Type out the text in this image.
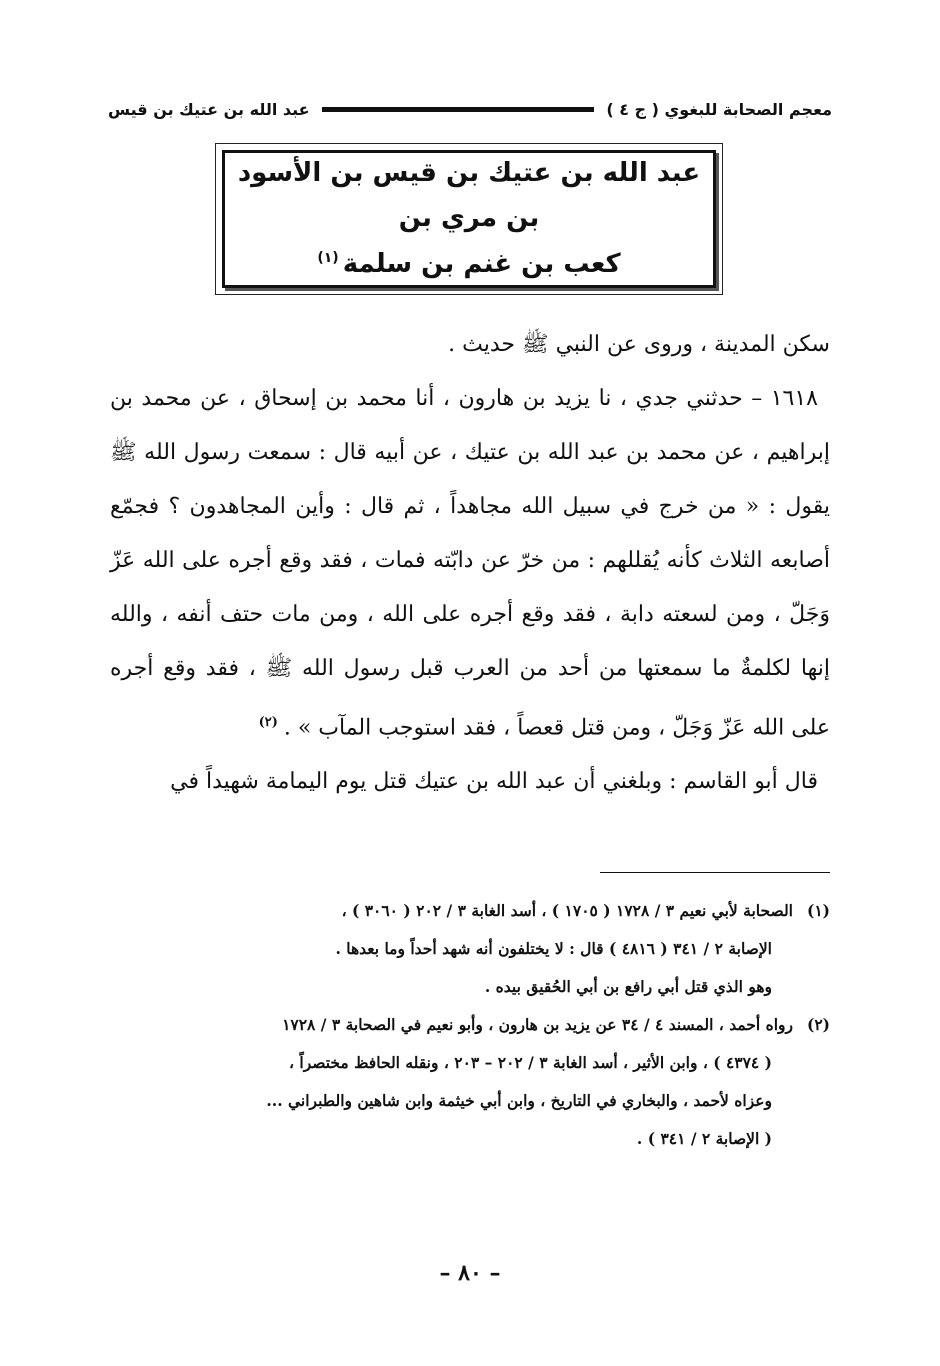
معجم الصحابة للبغوي ( ج ٤ )
عبد الله بن عتيك بن قيس
عبد الله بن عتيك بن قيس بن الأسود بن مري بن
كعب بن غنم بن سلمة$^{(١)}$

سكن المدينة ، وروى عن النبي ﷺ حديث .

١٦١٨ – حدثني جدي ، نا يزيد بن هارون ، أنا محمد بن إسحاق ، عن محمد بن إبراهيم ، عن محمد بن عبد الله بن عتيك ، عن أبيه قال : سمعت رسول الله ﷺ يقول : « من خرج في سبيل الله مجاهداً ، ثم قال : وأين المجاهدون ؟ فجمّع أصابعه الثلاث كأنه يُقللهم : من خرّ عن دابّته فمات ، فقد وقع أجره على الله عَزّ وَجَلّ ، ومن لسعته دابة ، فقد وقع أجره على الله ، ومن مات حتف أنفه ، والله إنها لكلمةٌ ما سمعتها من أحد من العرب قبل رسول الله ﷺ ، فقد وقع أجره على الله عَزّ وَجَلّ ، ومن قتل قعصاً ، فقد استوجب المآب » .$^{(٢)}$

قال أبو القاسم : وبلغني أن عبد الله بن عتيك قتل يوم اليمامة شهيداً في

(١)الصحابة لأبي نعيم ٣ / ١٧٢٨ ( ١٧٠٥ ) ، أسد الغابة ٣ / ٢٠٢ ( ٣٠٦٠ ) ،

الإصابة ٢ / ٣٤١ ( ٤٨١٦ ) قال : لا يختلفون أنه شهد أحداً وما بعدها .

وهو الذي قتل أبي رافع بن أبي الحُقيق بيده .

(٢)رواه أحمد ، المسند ٤ / ٣٤ عن يزيد بن هارون ، وأبو نعيم في الصحابة ٣ / ١٧٢٨

( ٤٣٧٤ ) ، وابن الأثير ، أسد الغابة ٣ / ٢٠٢ – ٢٠٣ ، ونقله الحافظ مختصراً ،

وعزاه لأحمد ، والبخاري في التاريخ ، وابن أبي خيثمة وابن شاهين والطبراني ...

( الإصابة ٢ / ٣٤١ ) .

– ٨٠ –
